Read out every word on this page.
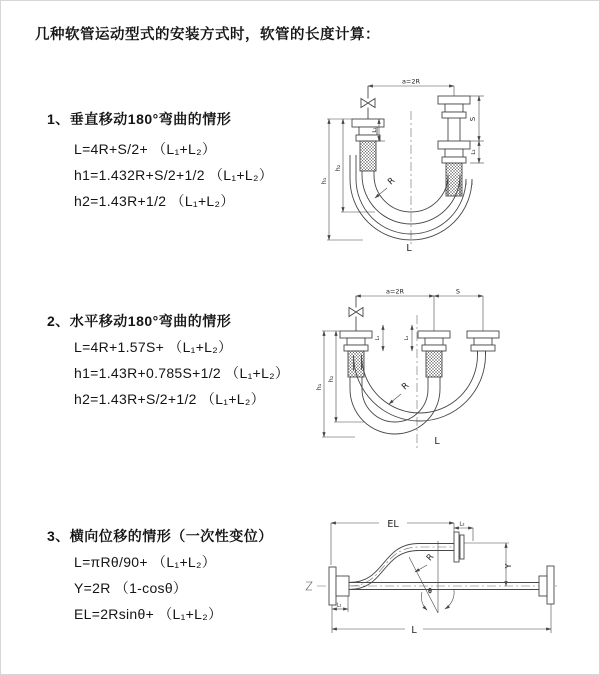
几种软管运动型式的安装方式时，软管的长度计算：
1、垂直移动180°弯曲的情形
L=4R+S/2+ （L₁+L₂）
h1=1.432R+S/2+1/2 （L₁+L₂）
h2=1.43R+1/2 （L₁+L₂）
2、水平移动180°弯曲的情形
L=4R+1.57S+ （L₁+L₂）
h1=1.43R+0.785S+1/2 （L₁+L₂）
h2=1.43R+S/2+1/2 （L₁+L₂）
3、横向位移的情形（一次性变位）
L=πRθ/90+ （L₁+L₂）
Y=2R （1-cosθ）
EL=2Rsinθ+ （L₁+L₂）
a=2R
h₁
h₂
L₁
S
L₂
R
L
a=2R	S
h₁
h₂
L₁	L₂
R
L
EL	L₂
θ
R
Y
L₁
L
